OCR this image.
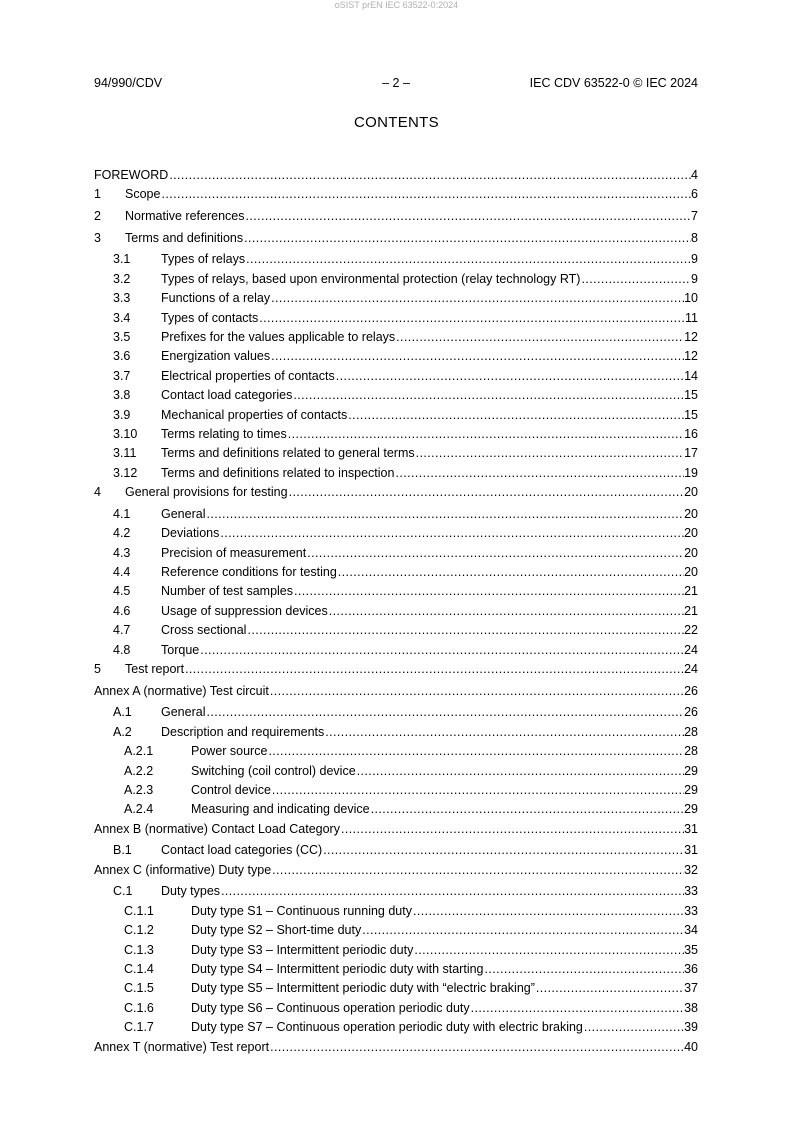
oSIST prEN IEC 63522-0:2024
94/990/CDV	– 2 –	IEC CDV 63522-0 © IEC 2024
CONTENTS
FOREWORD .....	4
1 Scope .....	6
2 Normative references .....	7
3 Terms and definitions .....	8
3.1 Types of relays .....	9
3.2 Types of relays, based upon environmental protection (relay technology RT) .....	9
3.3 Functions of a relay .....	10
3.4 Types of contacts .....	11
3.5 Prefixes for the values applicable to relays .....	12
3.6 Energization values .....	12
3.7 Electrical properties of contacts .....	14
3.8 Contact load categories .....	15
3.9 Mechanical properties of contacts .....	15
3.10 Terms relating to times .....	16
3.11 Terms and definitions related to general terms .....	17
3.12 Terms and definitions related to inspection .....	19
4 General provisions for testing .....	20
4.1 General .....	20
4.2 Deviations .....	20
4.3 Precision of measurement .....	20
4.4 Reference conditions for testing .....	20
4.5 Number of test samples .....	21
4.6 Usage of suppression devices .....	21
4.7 Cross sectional .....	22
4.8 Torque .....	24
5 Test report .....	24
Annex A (normative) Test circuit .....	26
A.1 General .....	26
A.2 Description and requirements .....	28
A.2.1	Power source .....	28
A.2.2	Switching (coil control) device .....	29
A.2.3	Control device .....	29
A.2.4	Measuring and indicating device .....	29
Annex B (normative) Contact Load Category .....	31
B.1 Contact load categories (CC) .....	31
Annex C (informative) Duty type .....	32
C.1 Duty types .....	33
C.1.1	Duty type S1 – Continuous running duty .....	33
C.1.2	Duty type S2 – Short-time duty .....	34
C.1.3	Duty type S3 – Intermittent periodic duty .....	35
C.1.4	Duty type S4 – Intermittent periodic duty with starting .....	36
C.1.5	Duty type S5 – Intermittent periodic duty with “electric braking” .....	37
C.1.6	Duty type S6 – Continuous operation periodic duty .....	38
C.1.7	Duty type S7 – Continuous operation periodic duty with electric braking .....	39
Annex T (normative) Test report .....	40
